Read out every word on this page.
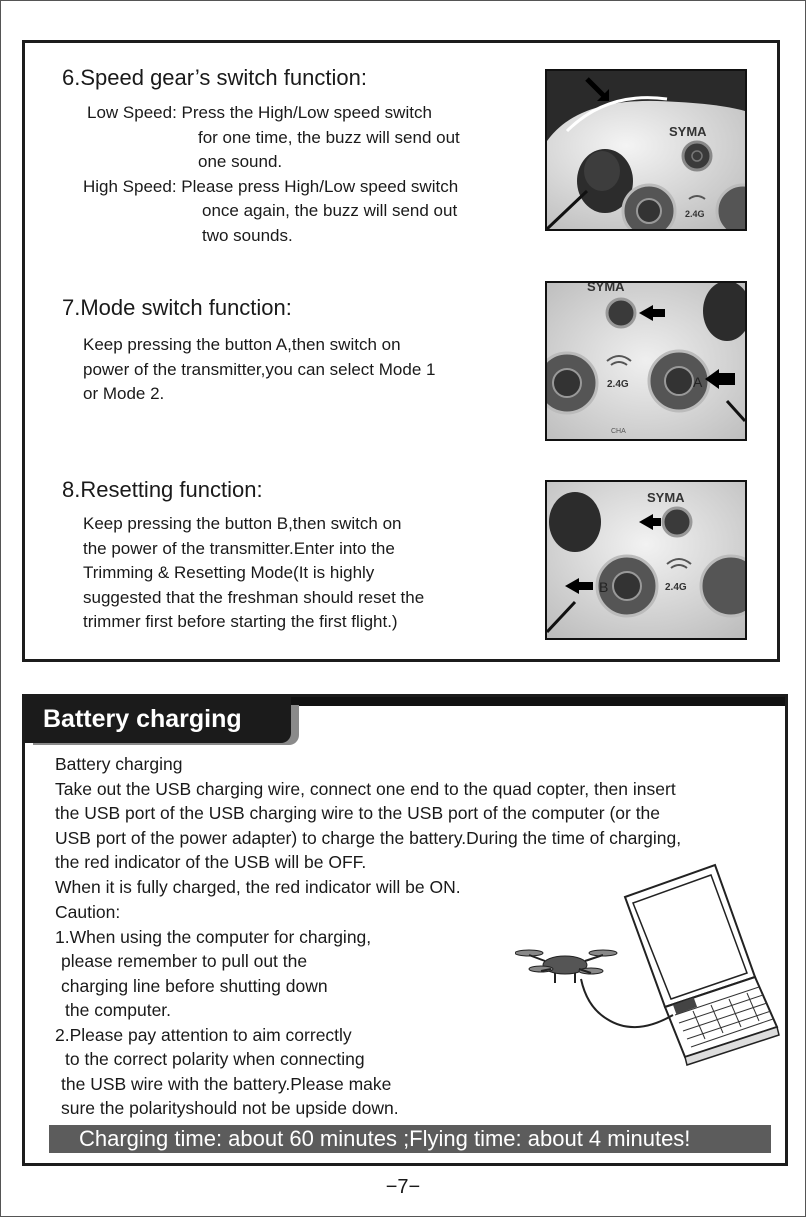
6.Speed gear’s switch function:
Low Speed: Press the High/Low speed switch
for one time, the buzz will send out
one sound.
High Speed: Please press High/Low speed switch
once again, the buzz will send out
two sounds.
SYMA
2.4G
7.Mode switch function:
Keep pressing the button A,then switch on
power of the transmitter,you can select Mode 1
or Mode 2.
SYMA
2.4G	A
CHA
8.Resetting function:
Keep pressing the button B,then switch on
the power of the transmitter.Enter into the
Trimming & Resetting Mode(It is highly
suggested that the freshman should reset the
trimmer first before starting the first flight.)
SYMA
B	2.4G
Battery charging
Battery charging
Take out the USB charging wire, connect one end to the quad copter, then insert
the USB port of the USB charging wire to the USB port of the computer (or the
USB port of the power adapter) to charge the battery.During the time of charging,
the red indicator of the USB will be OFF.
When it is fully charged, the red indicator will be ON.
Caution:
1.When using the computer for charging,
please remember to pull out the
charging line before shutting down
the computer.
2.Please pay attention to aim correctly
to the correct polarity when connecting
the USB wire with the battery.Please make
sure the polarityshould not be upside down.
Charging time: about 60 minutes ;Flying time: about 4 minutes!
−7−
